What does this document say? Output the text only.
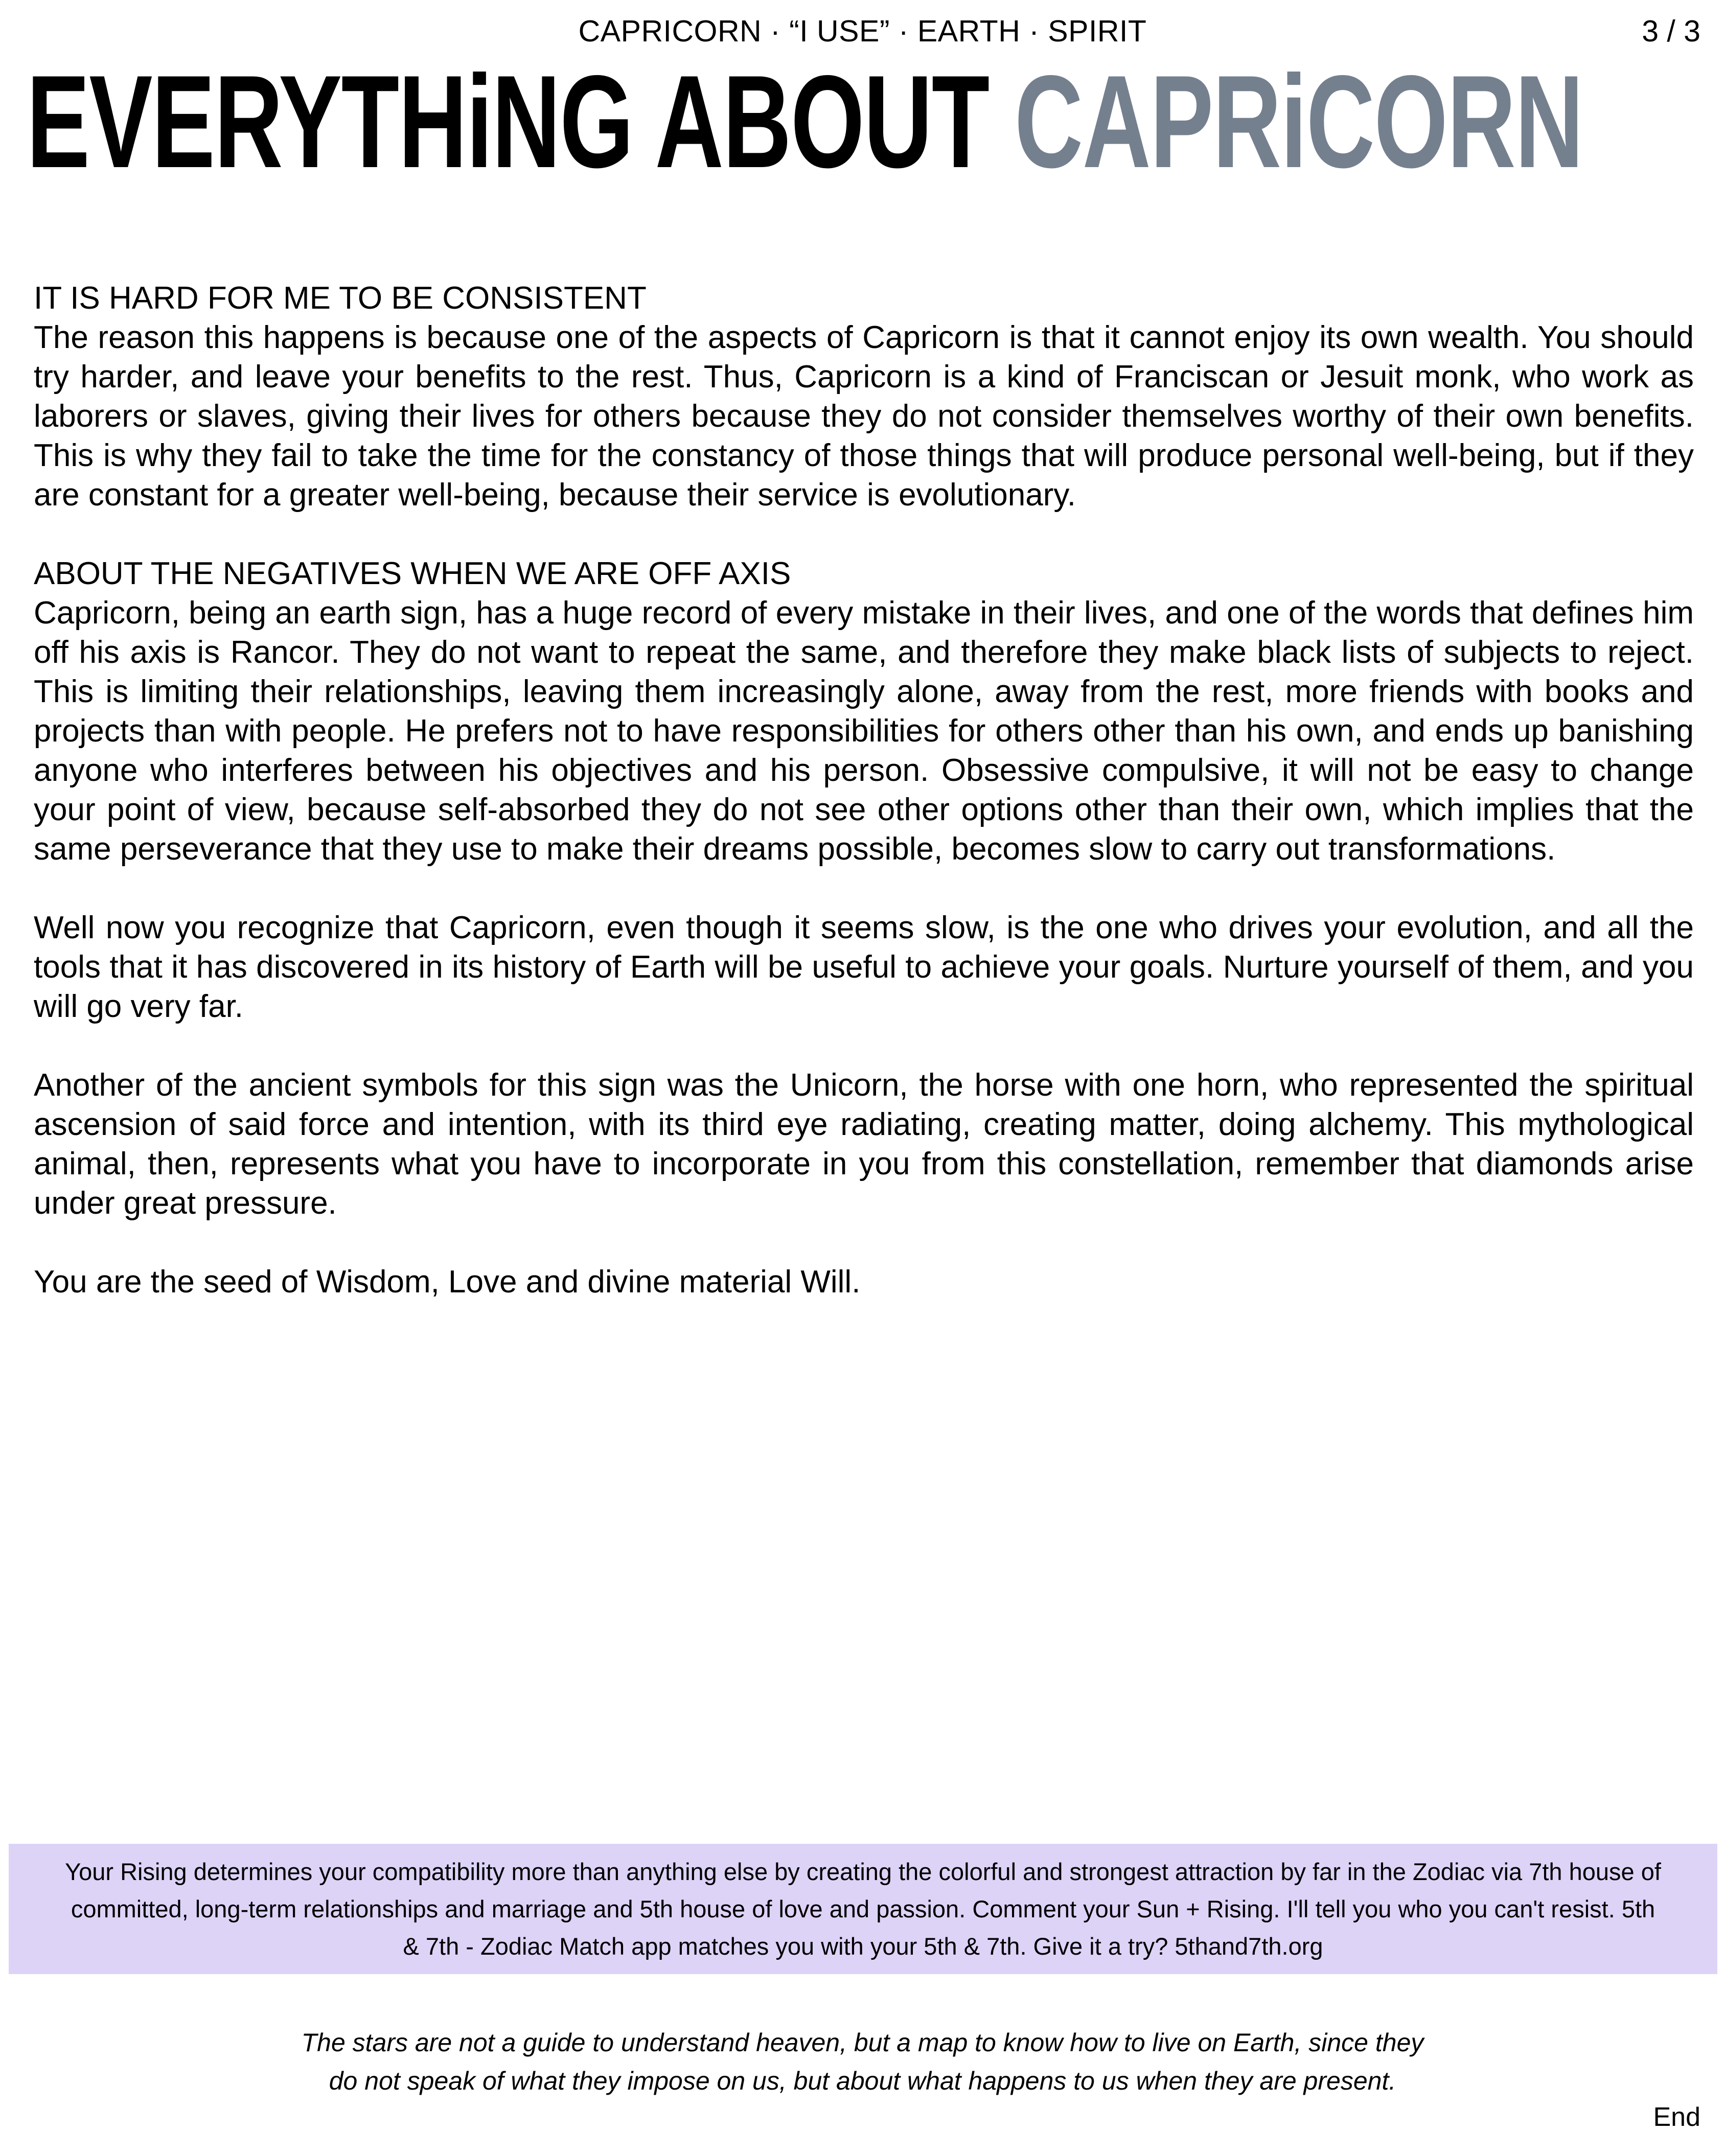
CAPRICORN · “I USE” · EARTH · SPIRIT	3 / 3
EVERYTHiNG ABOUT CAPRiCORN

IT IS HARD FOR ME TO BE CONSISTENT

The reason this happens is because one of the aspects of Capricorn is that it cannot enjoy its own wealth. You should try harder, and leave your benefits to the rest. Thus, Capricorn is a kind of Franciscan or Jesuit monk, who work as laborers or slaves, giving their lives for others because they do not consider themselves worthy of their own benefits. This is why they fail to take the time for the constancy of those things that will produce personal well-being, but if they are constant for a greater well-being, because their service is evolutionary.

ABOUT THE NEGATIVES WHEN WE ARE OFF AXIS

Capricorn, being an earth sign, has a huge record of every mistake in their lives, and one of the words that defines him off his axis is Rancor. They do not want to repeat the same, and therefore they make black lists of subjects to reject. This is limiting their relationships, leaving them increasingly alone, away from the rest, more friends with books and projects than with people. He prefers not to have responsibilities for others other than his own, and ends up banishing anyone who interferes between his objectives and his person. Obsessive compulsive, it will not be easy to change your point of view, because self-absorbed they do not see other options other than their own, which implies that the same perseverance that they use to make their dreams possible, becomes slow to carry out transformations.

Well now you recognize that Capricorn, even though it seems slow, is the one who drives your evolution, and all the tools that it has discovered in its history of Earth will be useful to achieve your goals. Nurture yourself of them, and you will go very far.

Another of the ancient symbols for this sign was the Unicorn, the horse with one horn, who represented the spiritual ascension of said force and intention, with its third eye radiating, creating matter, doing alchemy. This mythological animal, then, represents what you have to incorporate in you from this constellation, remember that diamonds arise under great pressure.

You are the seed of Wisdom, Love and divine material Will.

Your Rising determines your compatibility more than anything else by creating the colorful and strongest attraction by far in the Zodiac via 7th house of committed, long-term relationships and marriage and 5th house of love and passion. Comment your Sun + Rising. I'll tell you who you can't resist. 5th & 7th - Zodiac Match app matches you with your 5th & 7th. Give it a try? 5thand7th.org

The stars are not a guide to understand heaven, but a map to know how to live on Earth, since they
do not speak of what they impose on us, but about what happens to us when they are present.
End
